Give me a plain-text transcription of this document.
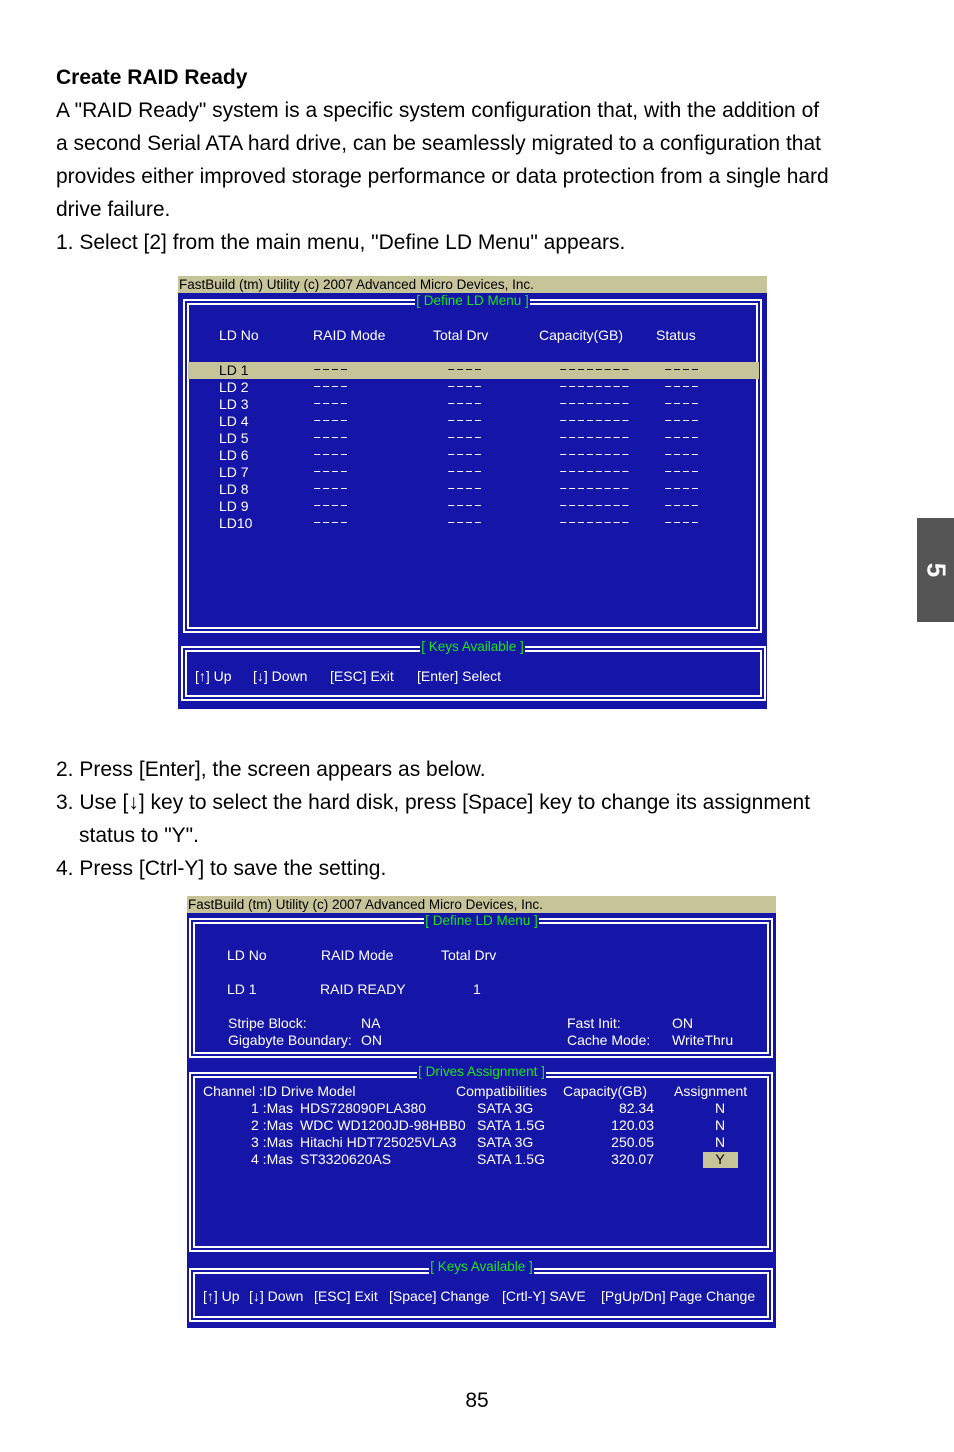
Create RAID Ready
A "RAID Ready" system is a specific system configuration that, with the addition of
a second Serial ATA hard drive, can be seamlessly migrated to a configuration that
provides either improved storage performance or data protection from a single hard
drive failure.
1. Select [2] from the main menu, "Define LD Menu" appears.
2. Press [Enter], the screen appears as below.
3. Use [↓] key to select the hard disk, press [Space] key to change its assignment
status to "Y".
4. Press [Ctrl-Y] to save the setting.
5
85
FastBuild (tm) Utility (c) 2007 Advanced Micro Devices, Inc.
[ Define LD Menu ]
LD No	RAID Mode	Total Drv	Capacity(GB) Status
LD 1	––––	––––	–––––––– ––––
LD 2	––––	––––	–––––––– ––––
LD 3	––––	––––	–––––––– ––––
LD 4	––––	––––	–––––––– ––––
LD 5	––––	––––	–––––––– ––––
LD 6	––––	––––	–––––––– ––––
LD 7	––––	––––	–––––––– ––––
LD 8	––––	––––	–––––––– ––––
LD 9	––––	––––	–––––––– ––––
LD10	––––	––––	–––––––– ––––
[ Keys Available ]
[↑] Up [↓] Down [ESC] Exit [Enter] Select
FastBuild (tm) Utility (c) 2007 Advanced Micro Devices, Inc.
[ Define LD Menu ]
LD No	RAID Mode	Total Drv
LD 1	RAID READY	1
Stripe Block:	NA
Gigabyte Boundary: ON
Fast Init:	ON
Cache Mode: WriteThru
[ Drives Assignment ]
Channel :ID Drive Model	Compatibilities Capacity(GB) Assignment
1 :Mas HDS728090PLA380	SATA 3G	82.34	N
2 :Mas WDC WD1200JD-98HBB0 SATA 1.5G	120.03	N
3 :Mas Hitachi HDT725025VLA3 SATA 3G	250.05	N
4 :Mas ST3320620AS	SATA 1.5G	320.07	Y
[ Keys Available ]
[↑] Up [↓] Down [ESC] Exit [Space] Change [Crtl-Y] SAVE [PgUp/Dn] Page Change
